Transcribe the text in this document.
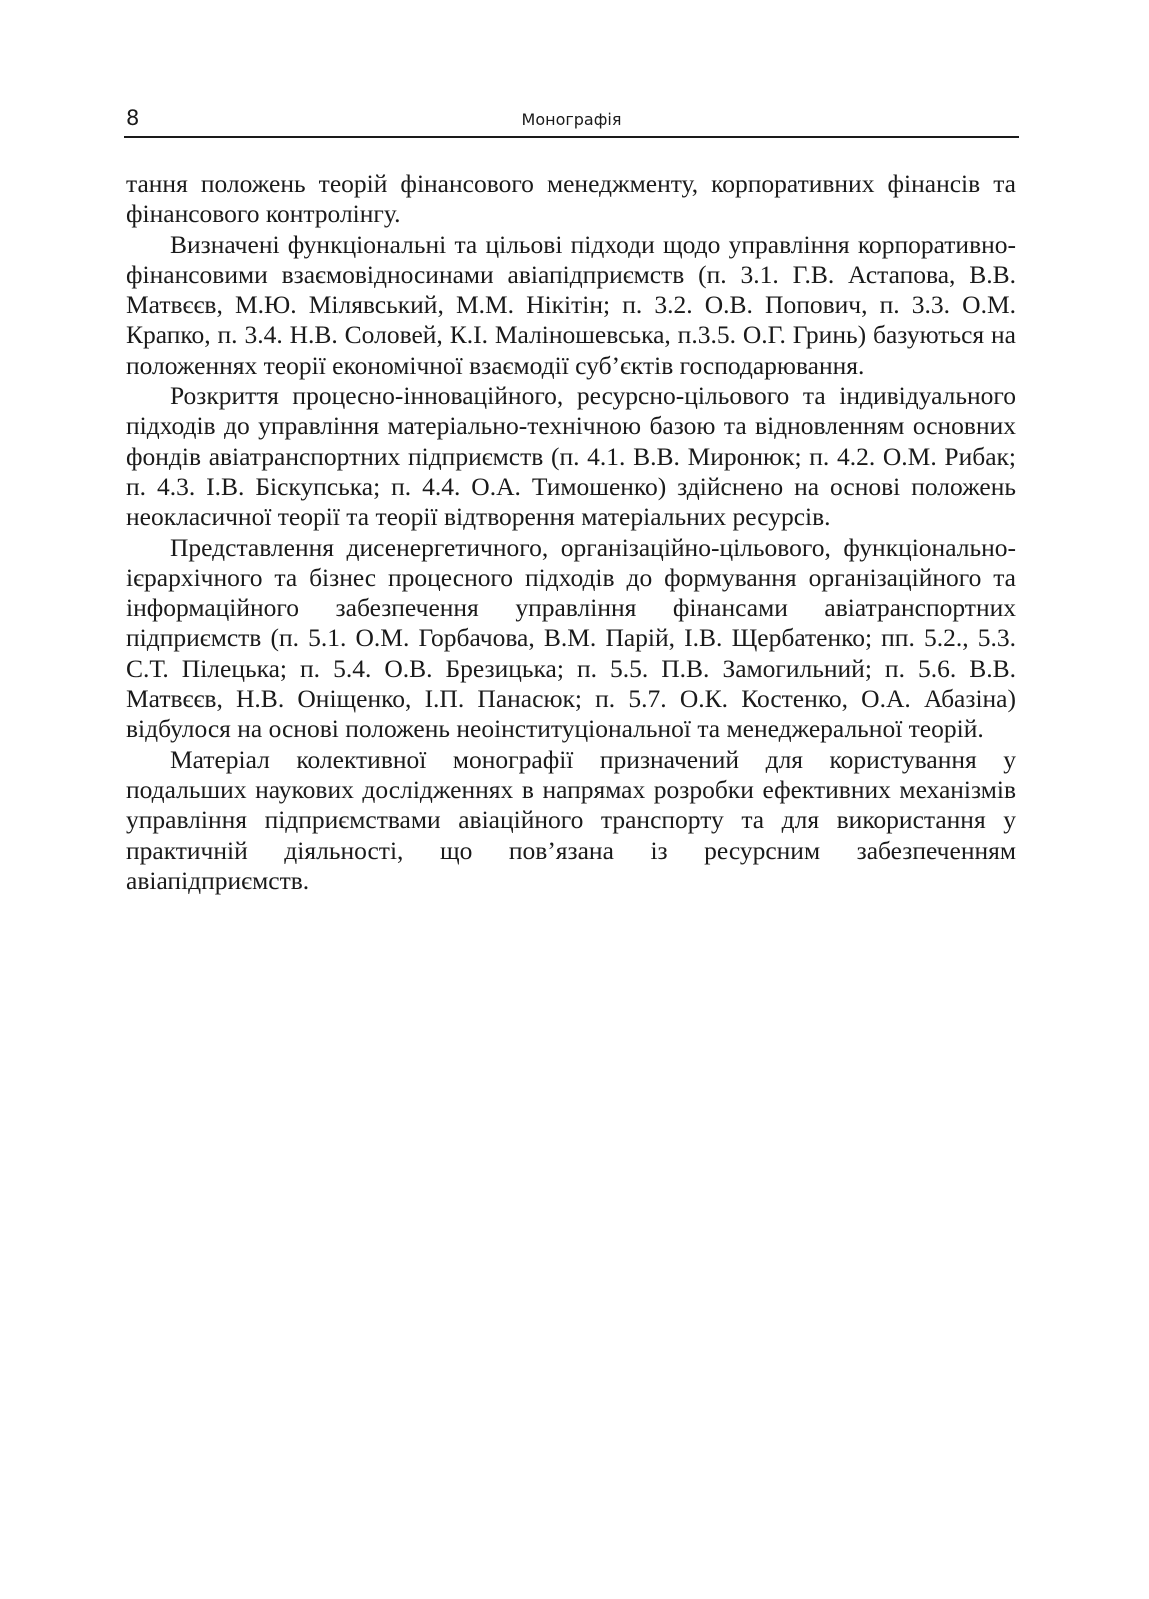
8	Монографія

тання положень теорій фінансового менеджменту, корпоративних фінансів та фінансового контролінгу.

Визначені функціональні та цільові підходи щодо управління корпоративно-фінансовими взаємовідносинами авіапідприємств (п. 3.1. Г.В. Астапова, В.В. Матвєєв, М.Ю. Мілявський, М.М. Нікітін; п. 3.2. О.В. Попович, п. 3.3. О.М. Крапко, п. 3.4. Н.В. Соловей, К.І. Маліношевська, п.3.5. О.Г. Гринь) базуються на положеннях теорії економічної взаємодії суб’єктів господарювання.

Розкриття процесно-інноваційного, ресурсно-цільового та індивідуального підходів до управління матеріально-технічною базою та відновленням основних фондів авіатранспортних підприємств (п. 4.1. В.В. Миронюк; п. 4.2. О.М. Рибак; п. 4.3. І.В. Біскупська; п. 4.4. О.А. Тимошенко) здійснено на основі положень неокласичної теорії та теорії відтворення матеріальних ресурсів.

Представлення дисенергетичного, організаційно-цільового, функціонально-ієрархічного та бізнес процесного підходів до формування організаційного та інформаційного забезпечення управління фінансами авіатранспортних підприємств (п. 5.1. О.М. Горбачова, В.М. Парій, І.В. Щербатенко; пп. 5.2., 5.3. С.Т. Пілецька; п. 5.4. О.В. Брезицька; п. 5.5. П.В. Замогильний; п. 5.6. В.В. Матвєєв, Н.В. Оніщенко, І.П. Панасюк; п. 5.7. О.К. Костенко, О.А. Абазіна) відбулося на основі положень неоінституціональної та менеджеральної теорій.

Матеріал колективної монографії призначений для користування у подальших наукових дослідженнях в напрямах розробки ефективних механізмів управління підприємствами авіаційного транспорту та для використання у практичній діяльності, що пов’язана із ресурсним забезпеченням авіапідприємств.
